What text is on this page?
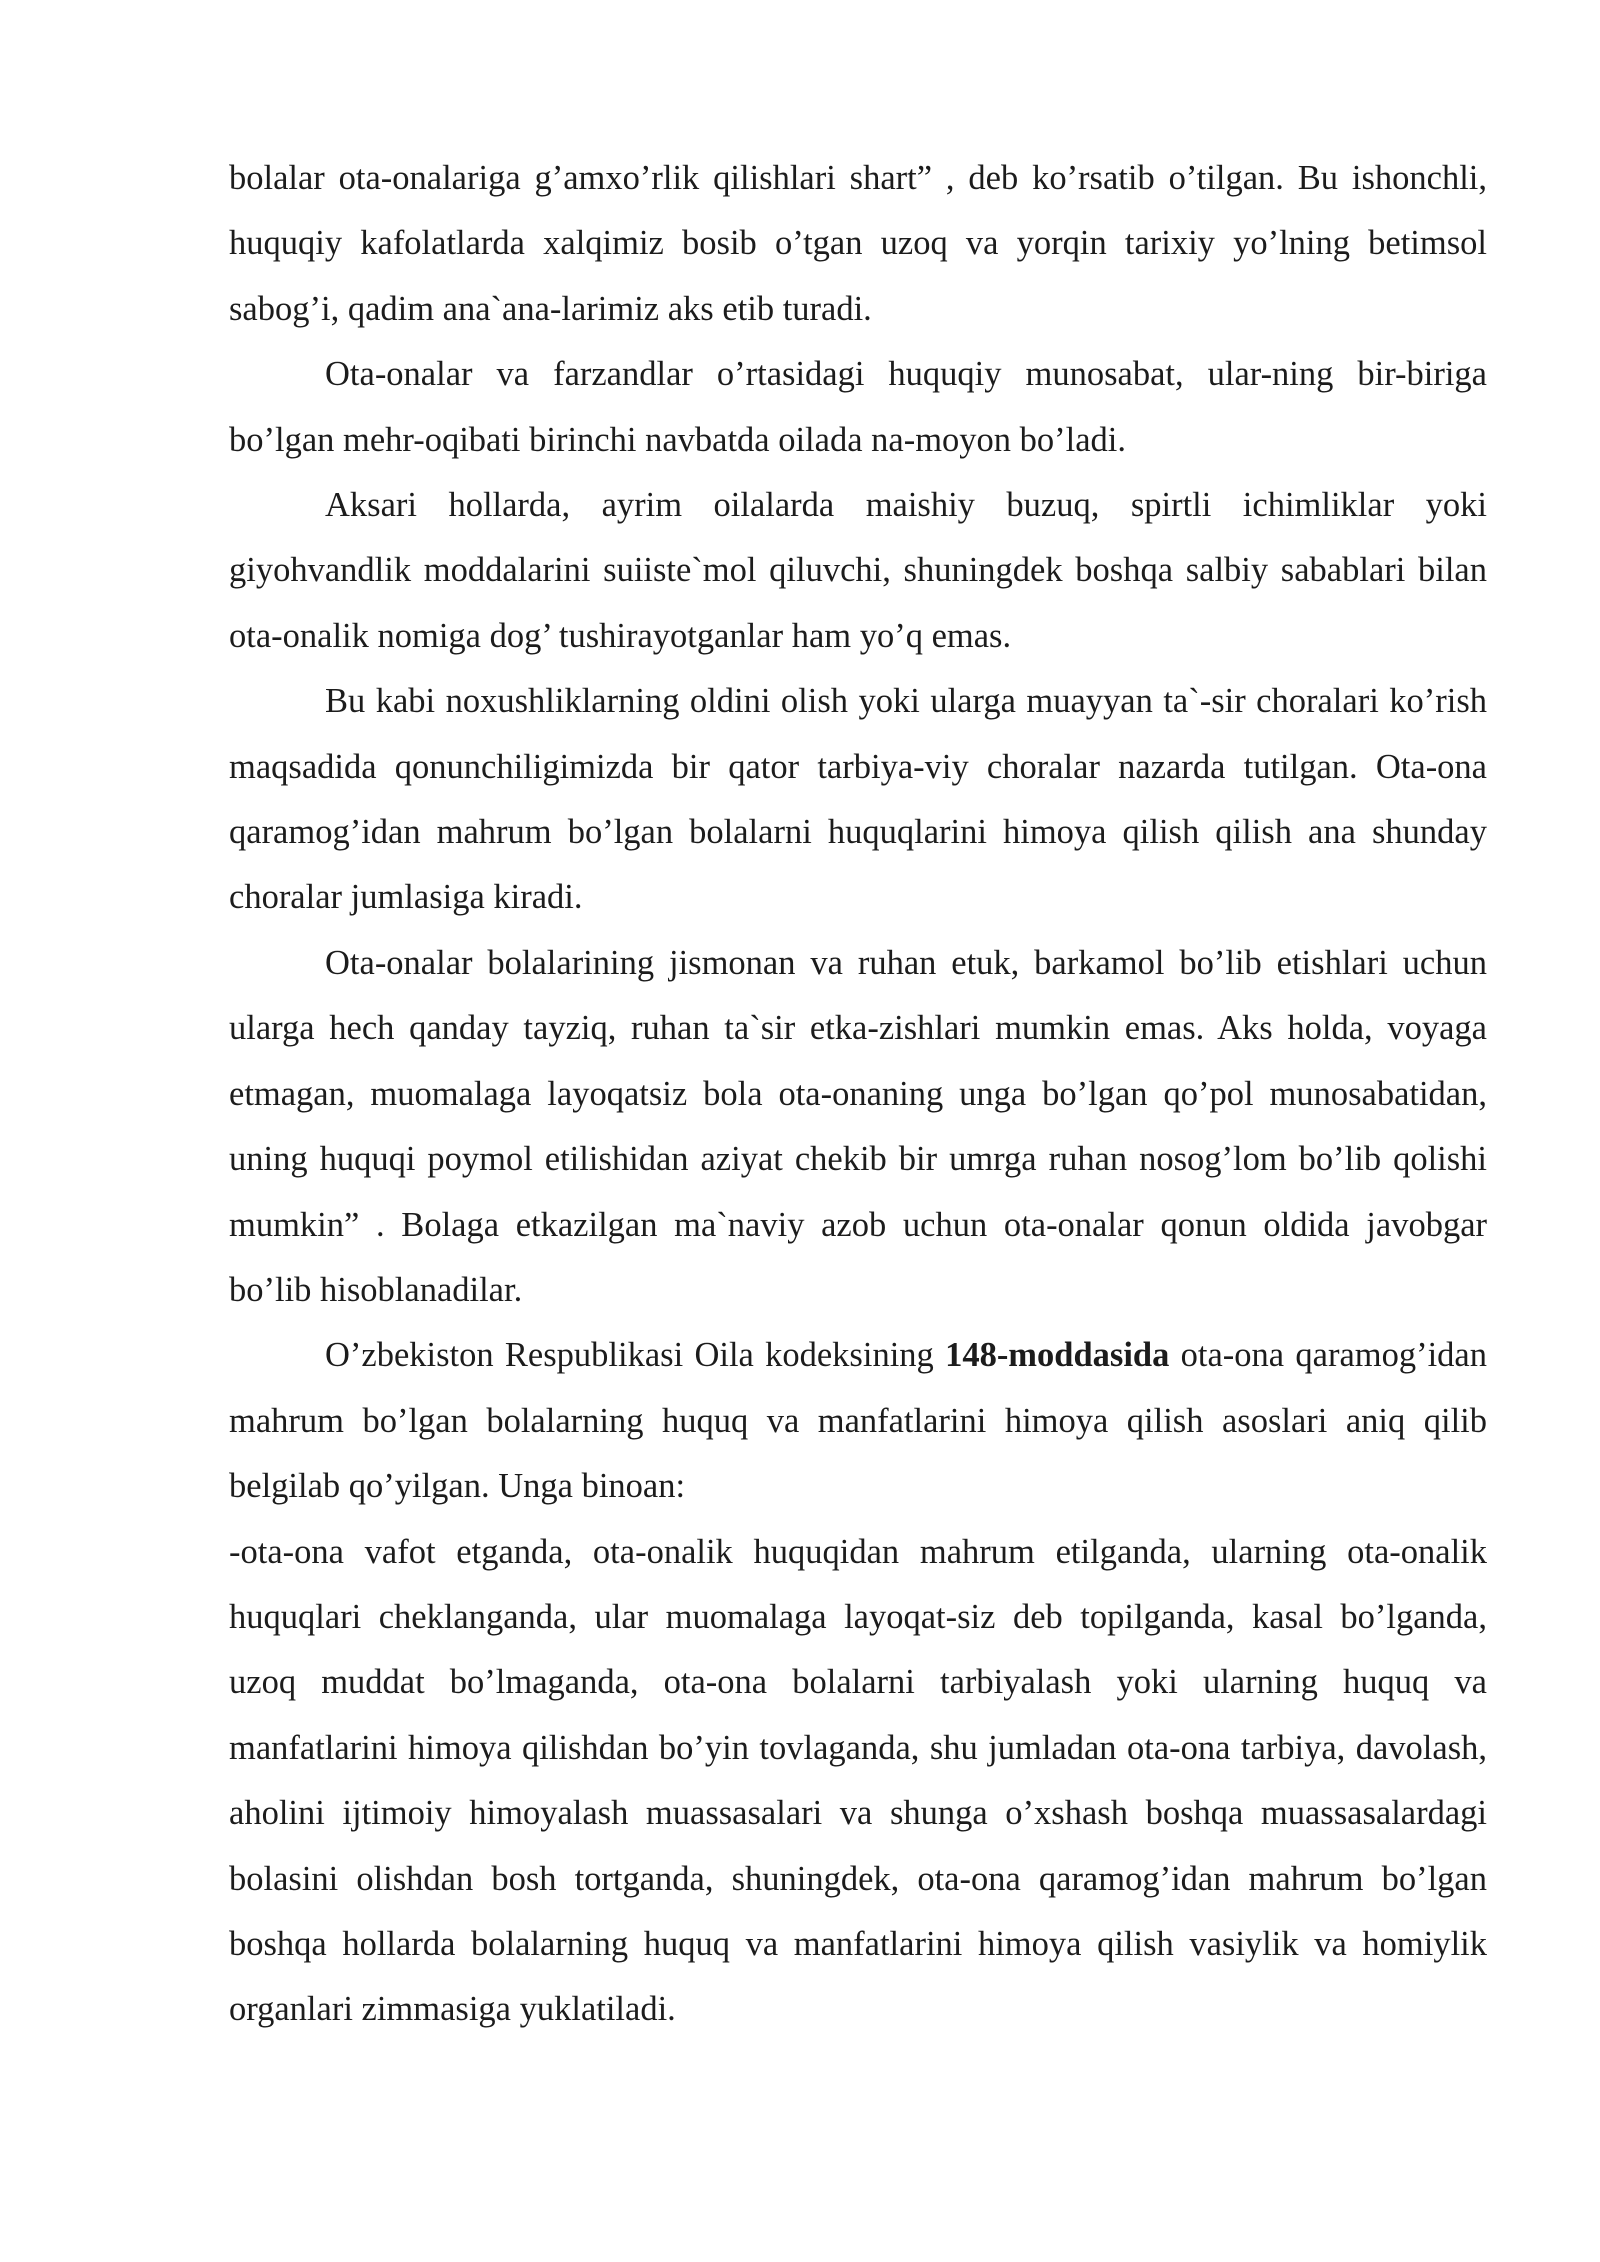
bolalar ota-onalariga g’amxo’rlik qilishlari shart” , deb ko’rsatib o’tilgan. Bu ishonchli, huquqiy kafolatlarda xalqimiz bosib o’tgan uzoq va yorqin tarixiy yo’lning betimsol sabog’i, qadim ana`ana-larimiz aks etib turadi.

Ota-onalar va farzandlar o’rtasidagi huquqiy munosabat, ular-ning bir-biriga bo’lgan mehr-oqibati birinchi navbatda oilada na-moyon bo’ladi.

Aksari hollarda, ayrim oilalarda maishiy buzuq, spirtli ichimliklar yoki giyohvandlik moddalarini suiiste`mol qiluvchi, shuningdek boshqa salbiy sabablari bilan ota-onalik nomiga dog’ tushirayotganlar ham yo’q emas.

Bu kabi noxushliklarning oldini olish yoki ularga muayyan ta`-sir choralari ko’rish maqsadida qonunchiligimizda bir qator tarbiya-viy choralar nazarda tutilgan. Ota-ona qaramog’idan mahrum bo’lgan bolalarni huquqlarini himoya qilish qilish ana shunday choralar jumlasiga kiradi.

Ota-onalar bolalarining jismonan va ruhan etuk, barkamol bo’lib etishlari uchun ularga hech qanday tayziq, ruhan ta`sir etka-zishlari mumkin emas. Aks holda, voyaga etmagan, muomalaga layoqatsiz bola ota-onaning unga bo’lgan qo’pol munosabatidan, uning huquqi poymol etilishidan aziyat chekib bir umrga ruhan nosog’lom bo’lib qolishi mumkin” . Bolaga etkazilgan ma`naviy azob uchun ota-onalar qonun oldida javobgar bo’lib hisoblanadilar.

O’zbekiston Respublikasi Oila kodeksining 148-moddasida ota-ona qaramog’idan mahrum bo’lgan bolalarning huquq va manfatlarini himoya qilish asoslari aniq qilib belgilab qo’yilgan. Unga binoan:

-ota-ona vafot etganda, ota-onalik huquqidan mahrum etilganda, ularning ota-onalik huquqlari cheklanganda, ular muomalaga layoqat-siz deb topilganda, kasal bo’lganda, uzoq muddat bo’lmaganda, ota-ona bolalarni tarbiyalash yoki ularning huquq va manfatlarini himoya qilishdan bo’yin tovlaganda, shu jumladan ota-ona tarbiya, davolash, aholini ijtimoiy himoyalash muassasalari va shunga o’xshash boshqa muassasalardagi bolasini olishdan bosh tortganda, shuningdek, ota-ona qaramog’idan mahrum bo’lgan boshqa hollarda bolalarning huquq va manfatlarini himoya qilish vasiylik va homiylik organlari zimmasiga yuklatiladi.
